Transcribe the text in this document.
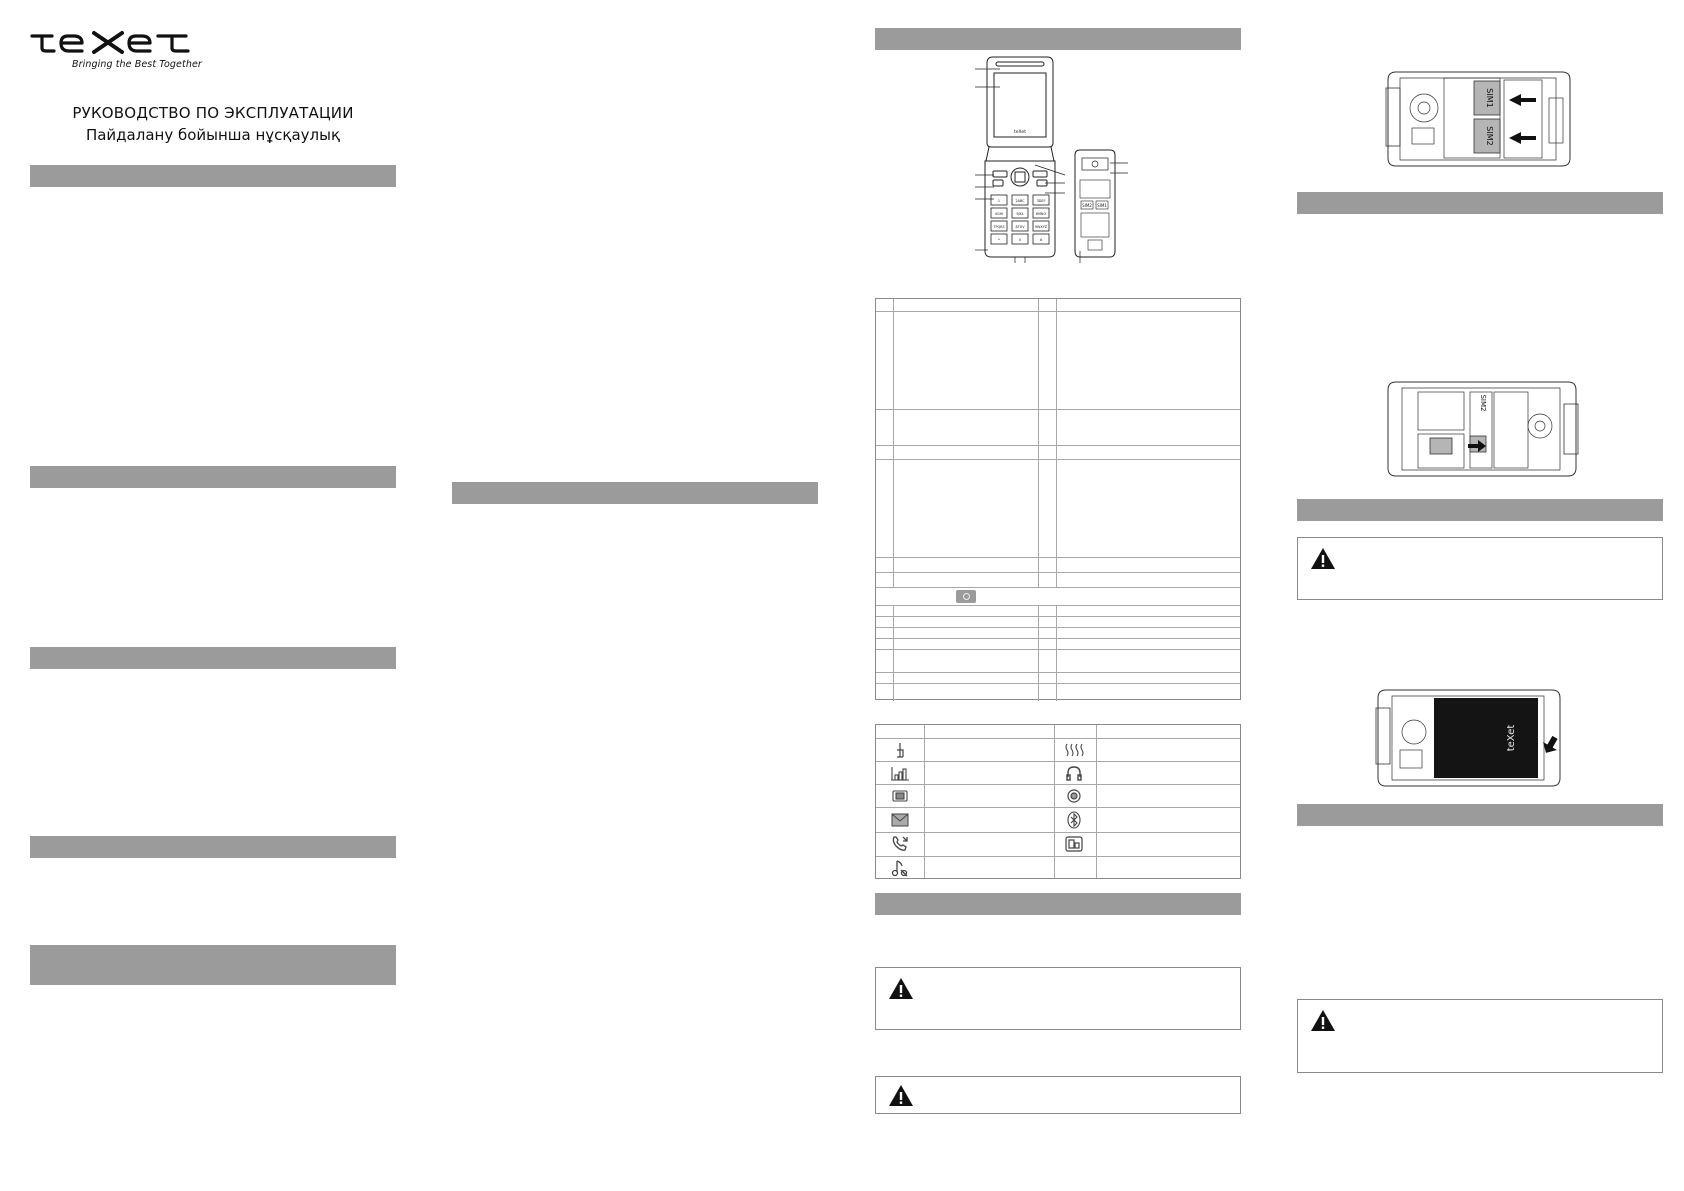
Bringing the Best Together
РУКОВОДСТВО ПО ЭКСПЛУАТАЦИИ
Пайдалану бойынша нұсқаулық	teXet
SIM2 SIM1
1	2ABC	3DEF
4GHI	5JKL	6MNO
7PQRS	8TUV	9WXYZ
*	0	#
SIM1
SIM2
SIM2
teXet
